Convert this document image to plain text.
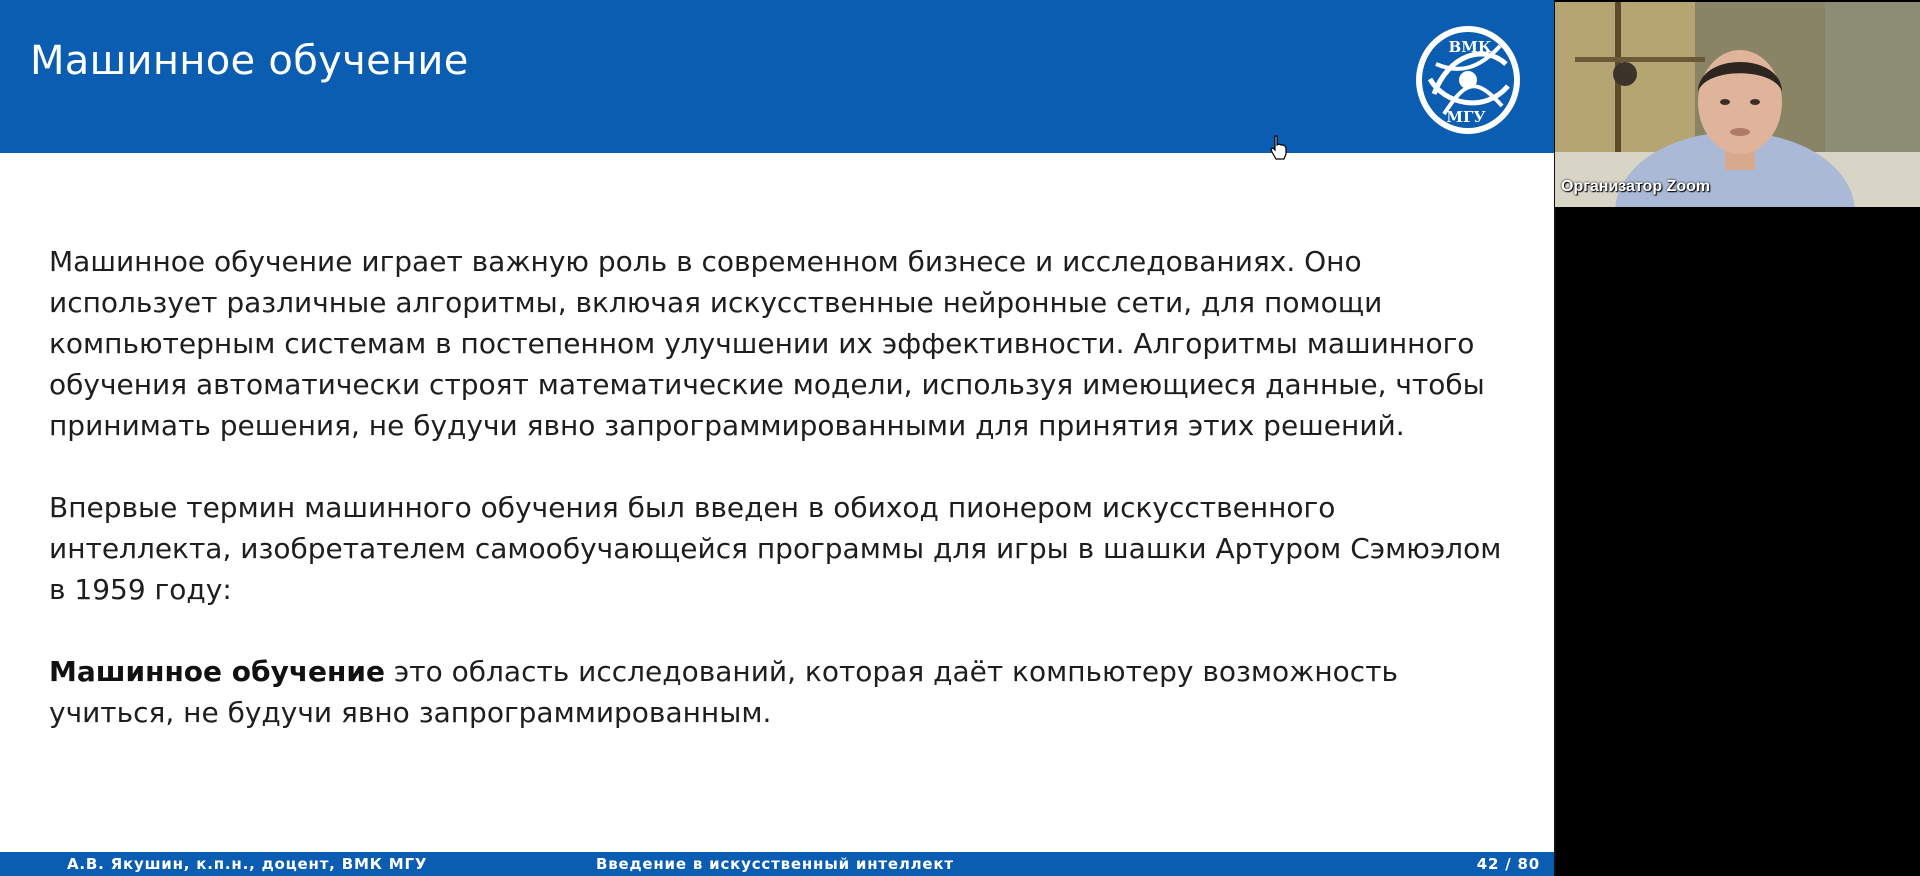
Машинное обучение	ВМК
МГУ

Машинное обучение играет важную роль в современном бизнесе и исследованиях. Оно использует различные алгоритмы, включая искусственные нейронные сети, для помощи компьютерным системам в постепенном улучшении их эффективности. Алгоритмы машинного обучения автоматически строят математические модели, используя имеющиеся данные, чтобы принимать решения, не будучи явно запрограммированными для принятия этих решений.

Впервые термин машинного обучения был введен в обиход пионером искусственного интеллекта, изобретателем самообучающейся программы для игры в шашки Артуром Сэмюэлом в 1959 году:

Машинное обучение это область исследований, которая даёт компьютеру возможность учиться, не будучи явно запрограммированным.

А.В. Якушин, к.п.н., доцент, ВМК МГУ	Введение в искусственный интеллект	42 / 80
Организатор Zoom
